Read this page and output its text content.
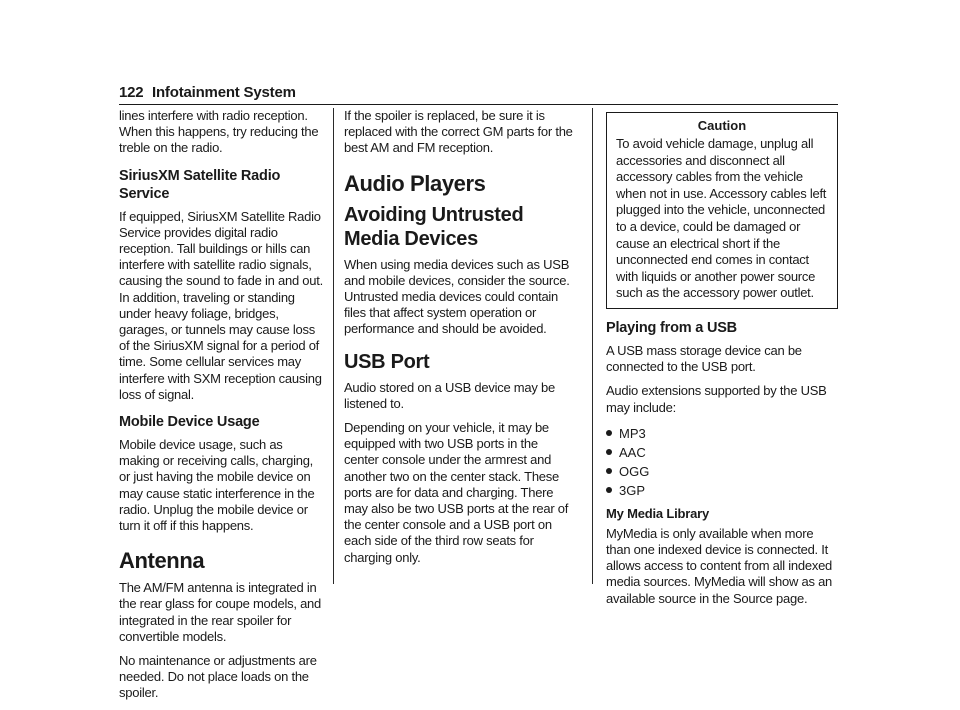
122 Infotainment System

lines interfere with radio reception. When this happens, try reducing the treble on the radio.

SiriusXM Satellite Radio Service

If equipped, SiriusXM Satellite Radio Service provides digital radio reception. Tall buildings or hills can interfere with satellite radio signals, causing the sound to fade in and out. In addition, traveling or standing under heavy foliage, bridges, garages, or tunnels may cause loss of the SiriusXM signal for a period of time. Some cellular services may interfere with SXM reception causing loss of signal.

Mobile Device Usage

Mobile device usage, such as making or receiving calls, charging, or just having the mobile device on may cause static interference in the radio. Unplug the mobile device or turn it off if this happens.

Antenna

The AM/FM antenna is integrated in the rear glass for coupe models, and integrated in the rear spoiler for convertible models.

No maintenance or adjustments are needed. Do not place loads on the spoiler.

If the spoiler is replaced, be sure it is replaced with the correct GM parts for the best AM and FM reception.

Audio Players
Avoiding Untrusted Media Devices

When using media devices such as USB and mobile devices, consider the source. Untrusted media devices could contain files that affect system operation or performance and should be avoided.

USB Port

Audio stored on a USB device may be listened to.

Depending on your vehicle, it may be equipped with two USB ports in the center console under the armrest and another two on the center stack. These ports are for data and charging. There may also be two USB ports at the rear of the center console and a USB port on each side of the third row seats for charging only.

Caution

To avoid vehicle damage, unplug all accessories and disconnect all accessory cables from the vehicle when not in use. Accessory cables left plugged into the vehicle, unconnected to a device, could be damaged or cause an electrical short if the unconnected end comes in contact with liquids or another power source such as the accessory power outlet.

Playing from a USB

A USB mass storage device can be connected to the USB port.

Audio extensions supported by the USB may include:

MP3
AAC
OGG
3GP
My Media Library

MyMedia is only available when more than one indexed device is connected. It allows access to content from all indexed media sources. MyMedia will show as an available source in the Source page.
